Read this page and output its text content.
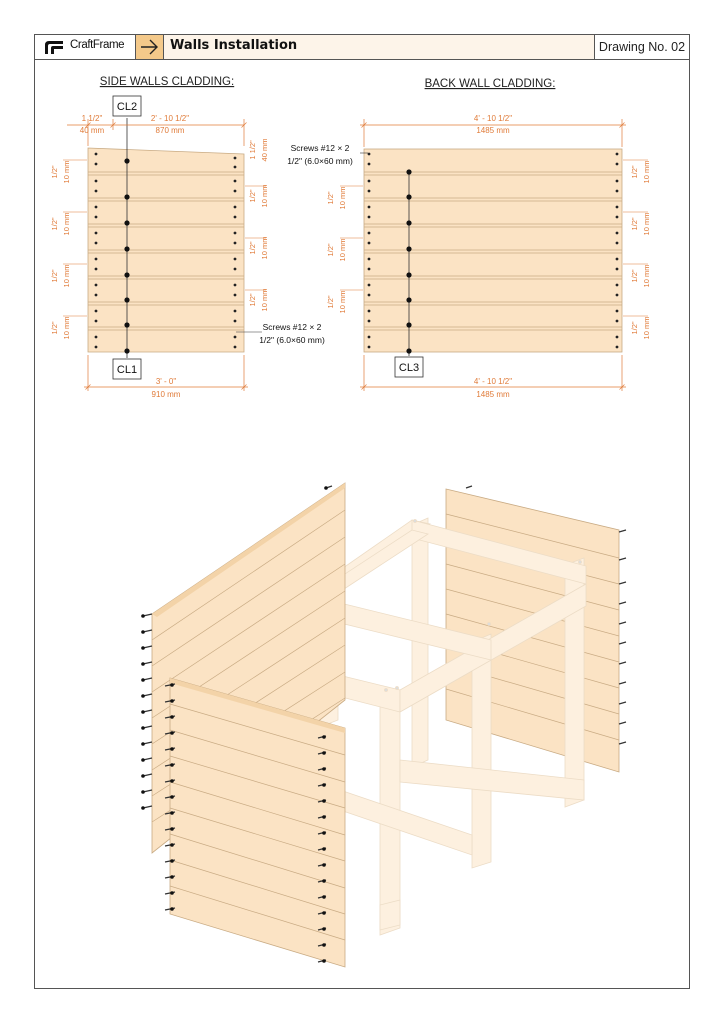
CraftFrame	Walls Installation	Drawing No. 02
SIDE WALLS CLADDING:
CL2
CL1
1 1/2"
40 mm
2' - 10 1/2"
870 mm
3' - 0"
910 mm
1/2" 10 mm
1/2" 10 mm
1/2" 10 mm
1/2" 10 mm
1 1/2" 40 mm
1/2" 10 mm
1/2" 10 mm
1/2" 10 mm
Screws #12 × 2
1/2" (6.0×60 mm)
BACK WALL CLADDING:
CL3
4' - 10 1/2"
1485 mm
4' - 10 1/2"
1485 mm
1/2" 10 mm
1/2" 10 mm
1/2" 10 mm
1/2" 10 mm
1/2" 10 mm
1/2" 10 mm
1/2" 10 mm
Screws #12 × 2
1/2" (6.0×60 mm)
